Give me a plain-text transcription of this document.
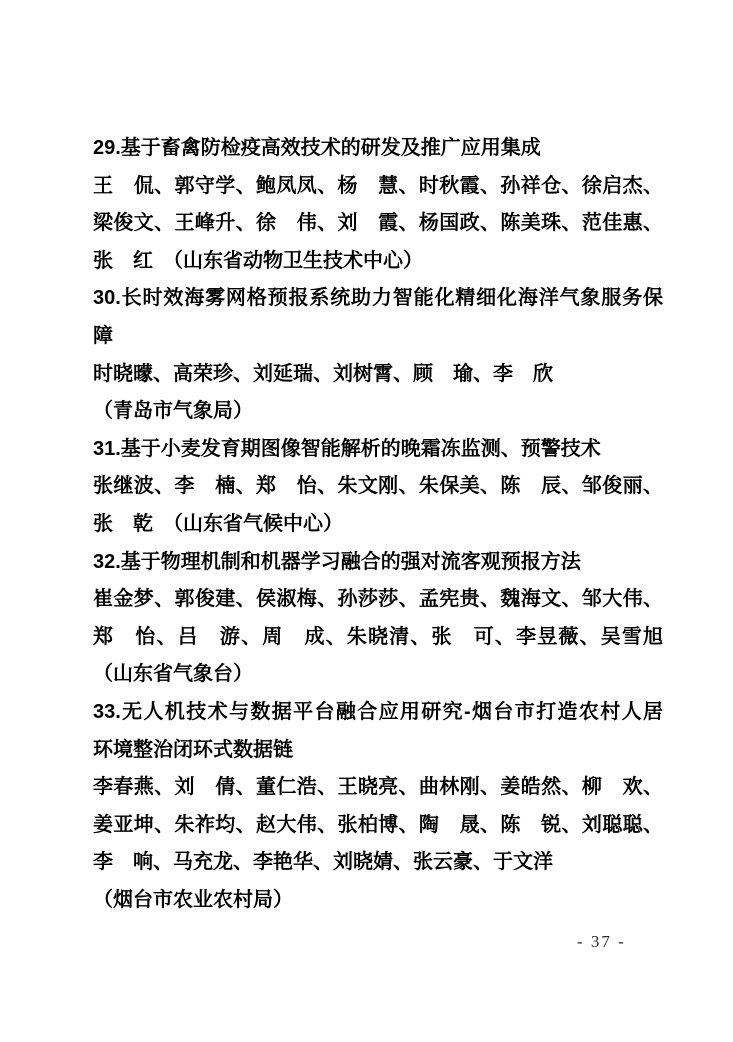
29.基于畜禽防检疫高效技术的研发及推广应用集成
王　侃、郭守学、鲍凤凤、杨　慧、时秋霞、孙祥仓、徐启杰、
梁俊文、王峰升、徐　伟、刘　霞、杨国政、陈美珠、范佳惠、
张　红　（山东省动物卫生技术中心）
30.长时效海雾网格预报系统助力智能化精细化海洋气象服务保
障
时晓曚、高荣珍、刘延瑞、刘树霄、顾　瑜、李　欣
（青岛市气象局）
31.基于小麦发育期图像智能解析的晚霜冻监测、预警技术
张继波、李　楠、郑　怡、朱文刚、朱保美、陈　辰、邹俊丽、
张　乾　（山东省气候中心）
32.基于物理机制和机器学习融合的强对流客观预报方法
崔金梦、郭俊建、侯淑梅、孙莎莎、孟宪贵、魏海文、邹大伟、
郑　怡、吕　游、周　成、朱晓清、张　可、李昱薇、吴雪旭
（山东省气象台）
33.无人机技术与数据平台融合应用研究-烟台市打造农村人居
环境整治闭环式数据链
李春燕、刘　倩、董仁浩、王晓亮、曲林刚、姜皓然、柳　欢、
姜亚坤、朱祚均、赵大伟、张柏博、陶　晟、陈　锐、刘聪聪、
李　响、马充龙、李艳华、刘晓婧、张云豪、于文洋
（烟台市农业农村局）
- 37 -
